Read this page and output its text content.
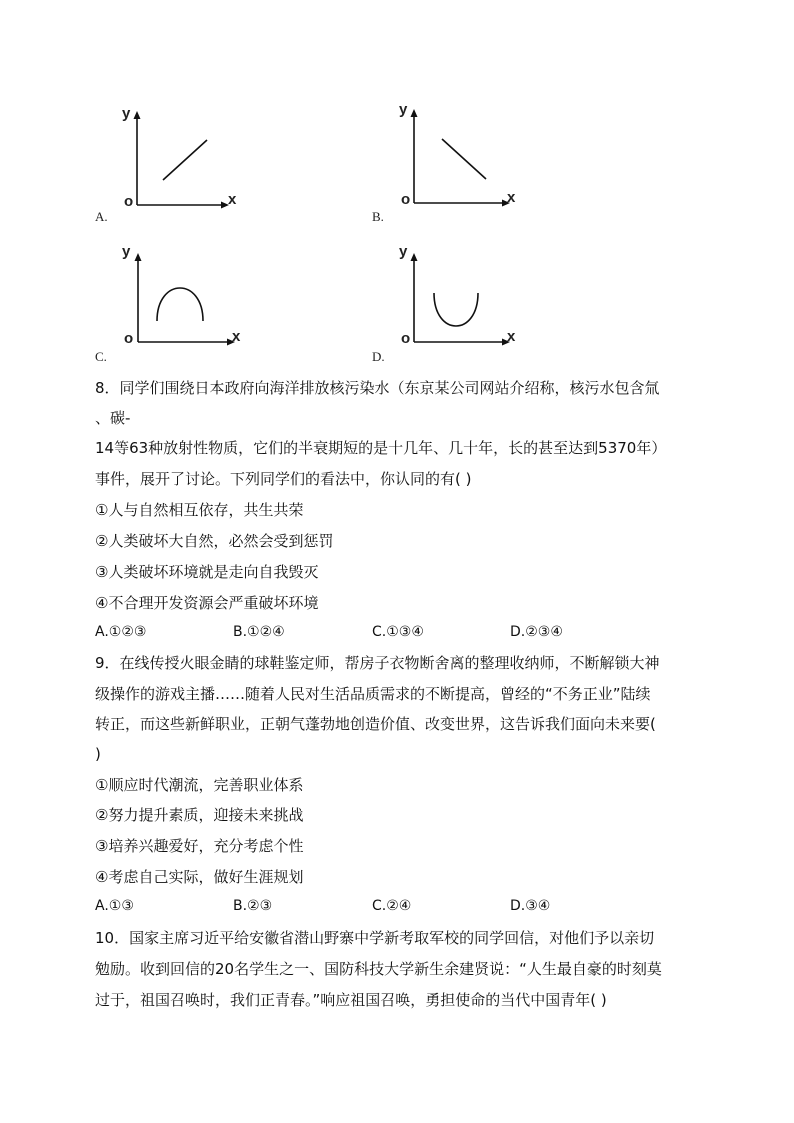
y
o	x
A.
y
o	x
B.
y
o	x
C.
y
o	x
D.
8．同学们围绕日本政府向海洋排放核污染水（东京某公司网站介绍称，核污水包含氚
、碳-
14等63种放射性物质，它们的半衰期短的是十几年、几十年，长的甚至达到5370年）
事件，展开了讨论。下列同学们的看法中，你认同的有( )
①人与自然相互依存，共生共荣
②人类破坏大自然，必然会受到惩罚
③人类破坏环境就是走向自我毁灭
④不合理开发资源会严重破坏环境
A.①②③	B.①②④	C.①③④	D.②③④
9．在线传授火眼金睛的球鞋鉴定师，帮房子衣物断舍离的整理收纳师，不断解锁大神
级操作的游戏主播……随着人民对生活品质需求的不断提高，曾经的“不务正业”陆续
转正，而这些新鲜职业，正朝气蓬勃地创造价值、改变世界，这告诉我们面向未来要(
)
①顺应时代潮流，完善职业体系
②努力提升素质，迎接未来挑战
③培养兴趣爱好，充分考虑个性
④考虑自己实际，做好生涯规划
A.①③	B.②③	C.②④	D.③④
10．国家主席习近平给安徽省潜山野寨中学新考取军校的同学回信，对他们予以亲切
勉励。收到回信的20名学生之一、国防科技大学新生余建贤说：“人生最自豪的时刻莫
过于，祖国召唤时，我们正青春。”响应祖国召唤，勇担使命的当代中国青年( )
